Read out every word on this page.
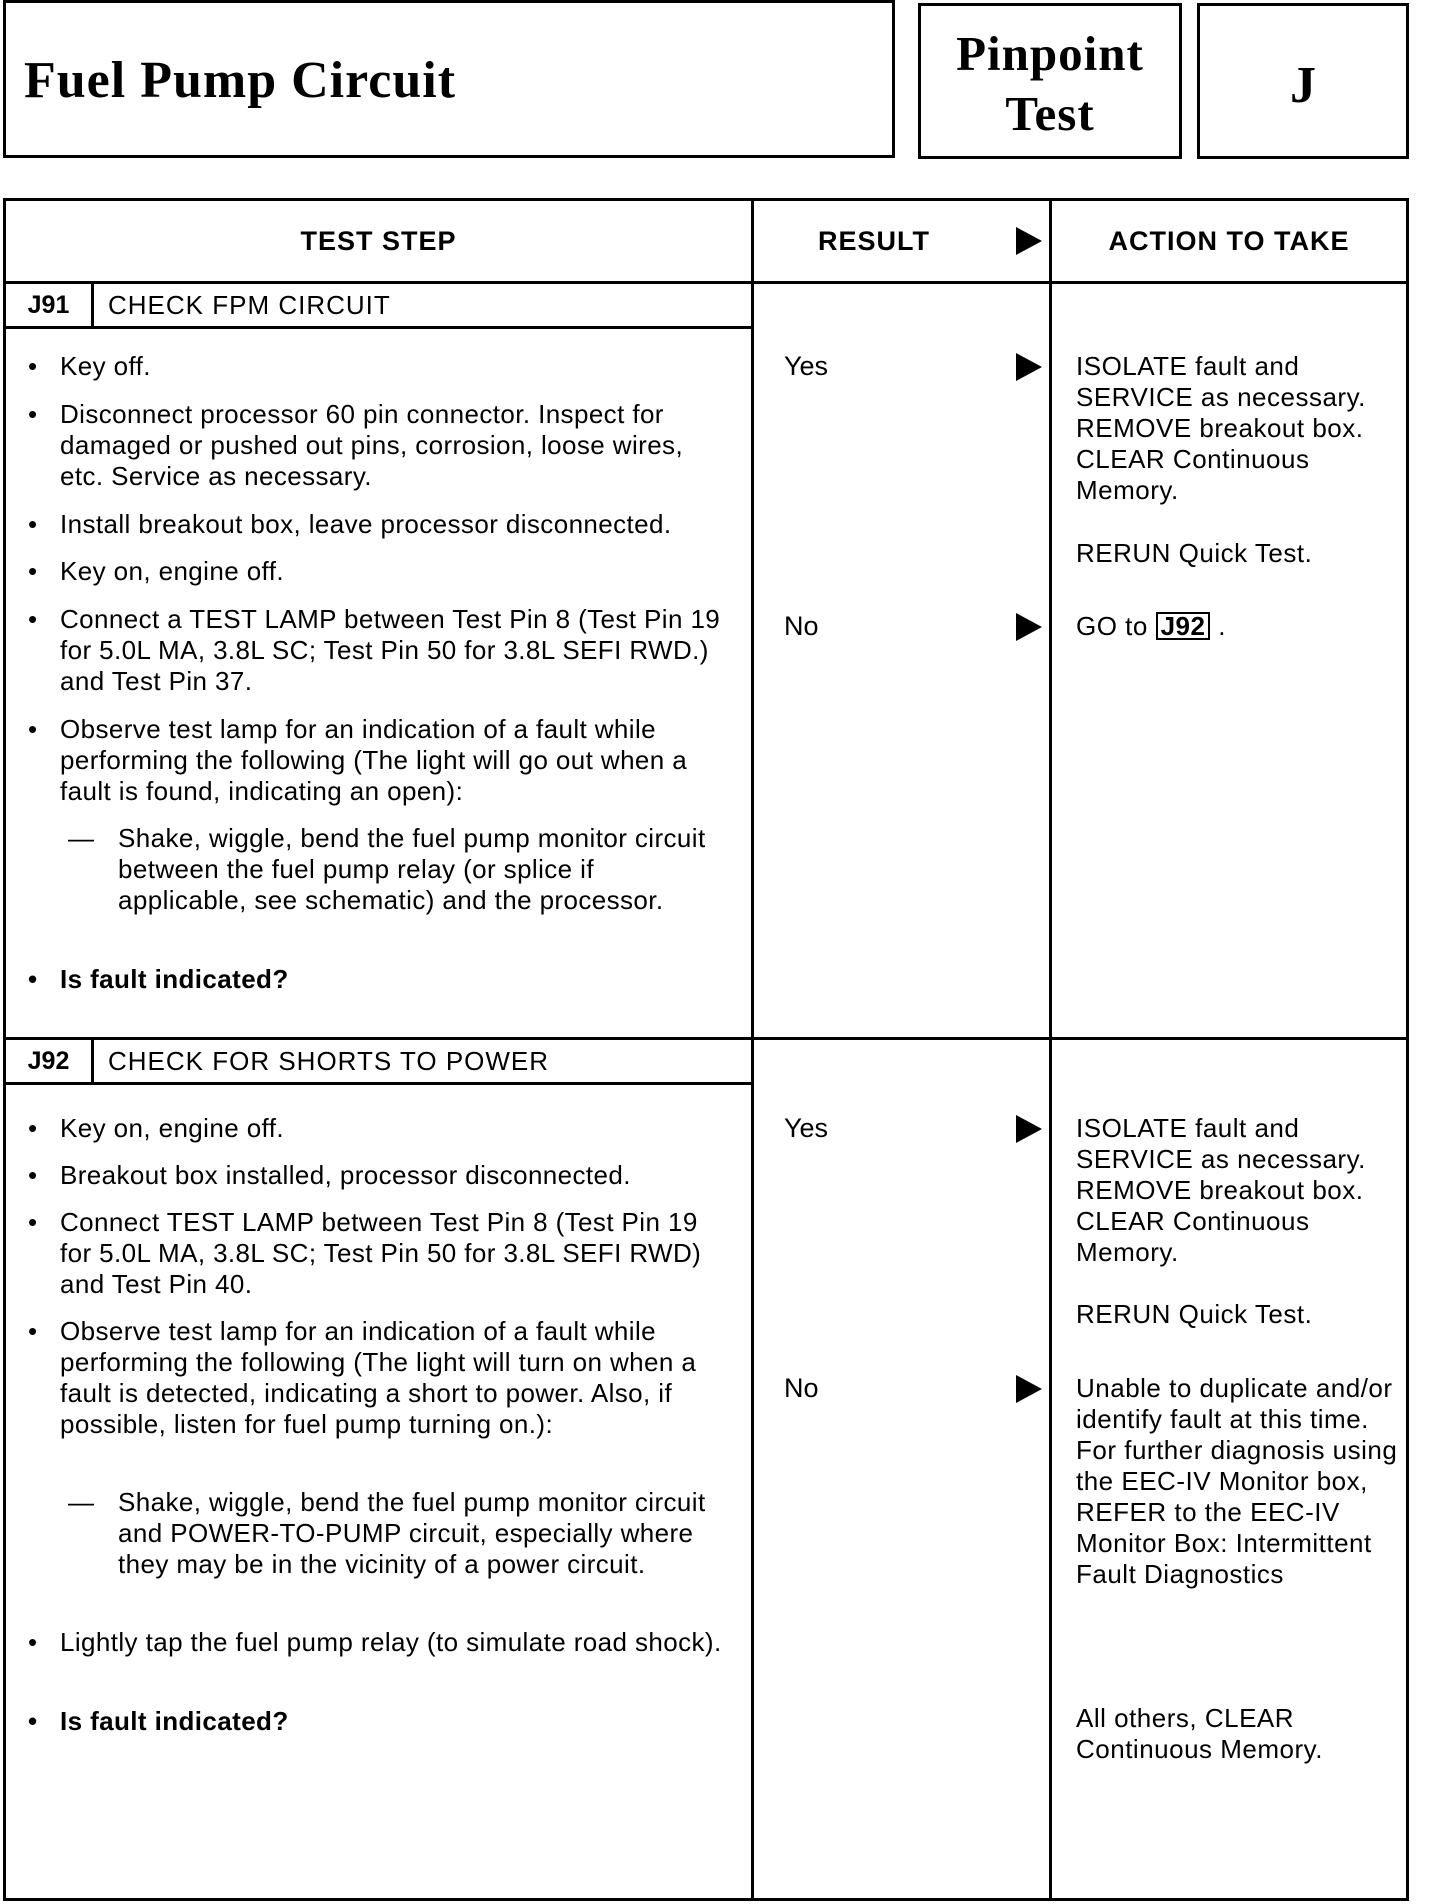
Fuel Pump Circuit	Pinpoint
Test	J
TEST STEP	RESULT	ACTION TO TAKE
J91	CHECK FPM CIRCUIT
• Key off.
• Disconnect processor 60 pin connector. Inspect for damaged or pushed out pins, corrosion, loose wires, etc. Service as necessary.
• Install breakout box, leave processor disconnected.
• Key on, engine off.
• Connect a TEST LAMP between Test Pin 8 (Test Pin 19 for 5.0L MA, 3.8L SC; Test Pin 50 for 3.8L SEFI RWD.) and Test Pin 37.
• Observe test lamp for an indication of a fault while performing the following (The light will go out when a fault is found, indicating an open):
— Shake, wiggle, bend the fuel pump monitor circuit between the fuel pump relay (or splice if applicable, see schematic) and the processor.
• Is fault indicated?
Yes	ISOLATE fault and SERVICE as necessary. REMOVE breakout box. CLEAR Continuous Memory.
RERUN Quick Test.
No	GO to J92 .
J92	CHECK FOR SHORTS TO POWER
• Key on, engine off.
• Breakout box installed, processor disconnected.
• Connect TEST LAMP between Test Pin 8 (Test Pin 19 for 5.0L MA, 3.8L SC; Test Pin 50 for 3.8L SEFI RWD) and Test Pin 40.
• Observe test lamp for an indication of a fault while performing the following (The light will turn on when a fault is detected, indicating a short to power. Also, if possible, listen for fuel pump turning on.):
— Shake, wiggle, bend the fuel pump monitor circuit and POWER-TO-PUMP circuit, especially where they may be in the vicinity of a power circuit.
• Lightly tap the fuel pump relay (to simulate road shock).
• Is fault indicated?
Yes	ISOLATE fault and SERVICE as necessary. REMOVE breakout box. CLEAR Continuous Memory.
RERUN Quick Test.
No	Unable to duplicate and/or identify fault at this time. For further diagnosis using the EEC-IV Monitor box, REFER to the EEC-IV Monitor Box: Intermittent Fault Diagnostics
All others, CLEAR Continuous Memory.
